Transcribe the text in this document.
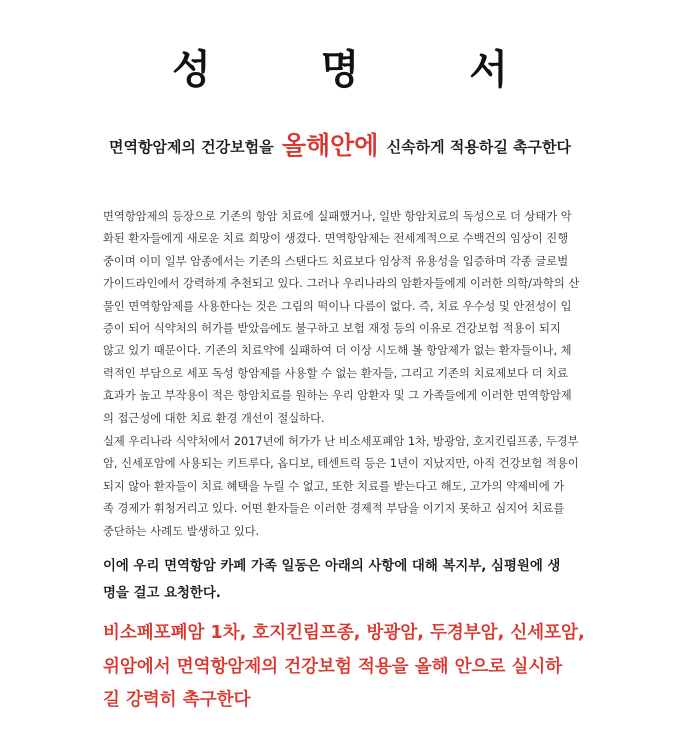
성 명 서
면역항암제의 건강보험을 올해안에 신속하게 적용하길 촉구한다
면역항암제의 등장으로 기존의 항암 치료에 실패했거나, 일반 항암치료의 독성으로 더 상태가 악
화된 환자들에게 새로운 치료 희망이 생겼다. 면역항암제는 전세계적으로 수백건의 임상이 진행
중이며 이미 일부 암종에서는 기존의 스탠다드 치료보다 임상적 유용성을 입증하며 각종 글로벌
가이드라인에서 강력하게 추천되고 있다. 그러나 우리나라의 암환자들에게 이러한 의학/과학의 산
물인 면역항암제를 사용한다는 것은 그림의 떡이나 다름이 없다. 즉, 치료 우수성 및 안전성이 입
증이 되어 식약처의 허가를 받았음에도 불구하고 보험 재정 등의 이유로 건강보험 적용이 되지
않고 있기 때문이다. 기존의 치료약에 실패하여 더 이상 시도해 볼 항암제가 없는 환자들이나, 체
력적인 부담으로 세포 독성 항암제를 사용할 수 없는 환자들, 그리고 기존의 치료제보다 더 치료
효과가 높고 부작용이 적은 항암치료를 원하는 우리 암환자 및 그 가족들에게 이러한 면역항암제
의 접근성에 대한 치료 환경 개선이 절실하다.
실제 우리나라 식약처에서 2017년에 허가가 난 비소세포폐암 1차, 방광암, 호지킨림프종, 두경부
암, 신세포암에 사용되는 키트루다, 옵디보, 테센트릭 등은 1년이 지났지만, 아직 건강보험 적용이
되지 않아 환자들이 치료 혜택을 누릴 수 없고, 또한 치료를 받는다고 해도, 고가의 약제비에 가
족 경제가 휘청거리고 있다. 어떤 환자들은 이러한 경제적 부담을 이기지 못하고 심지어 치료를
중단하는 사례도 발생하고 있다.
이에 우리 면역항암 카페 가족 일동은 아래의 사항에 대해 복지부, 심평원에 생
명을 걸고 요청한다.
비소페포폐암 1차, 호지킨림프종, 방광암, 두경부암, 신세포암,
위암에서 면역항암제의 건강보험 적용을 올해 안으로 실시하
길 강력히 촉구한다
